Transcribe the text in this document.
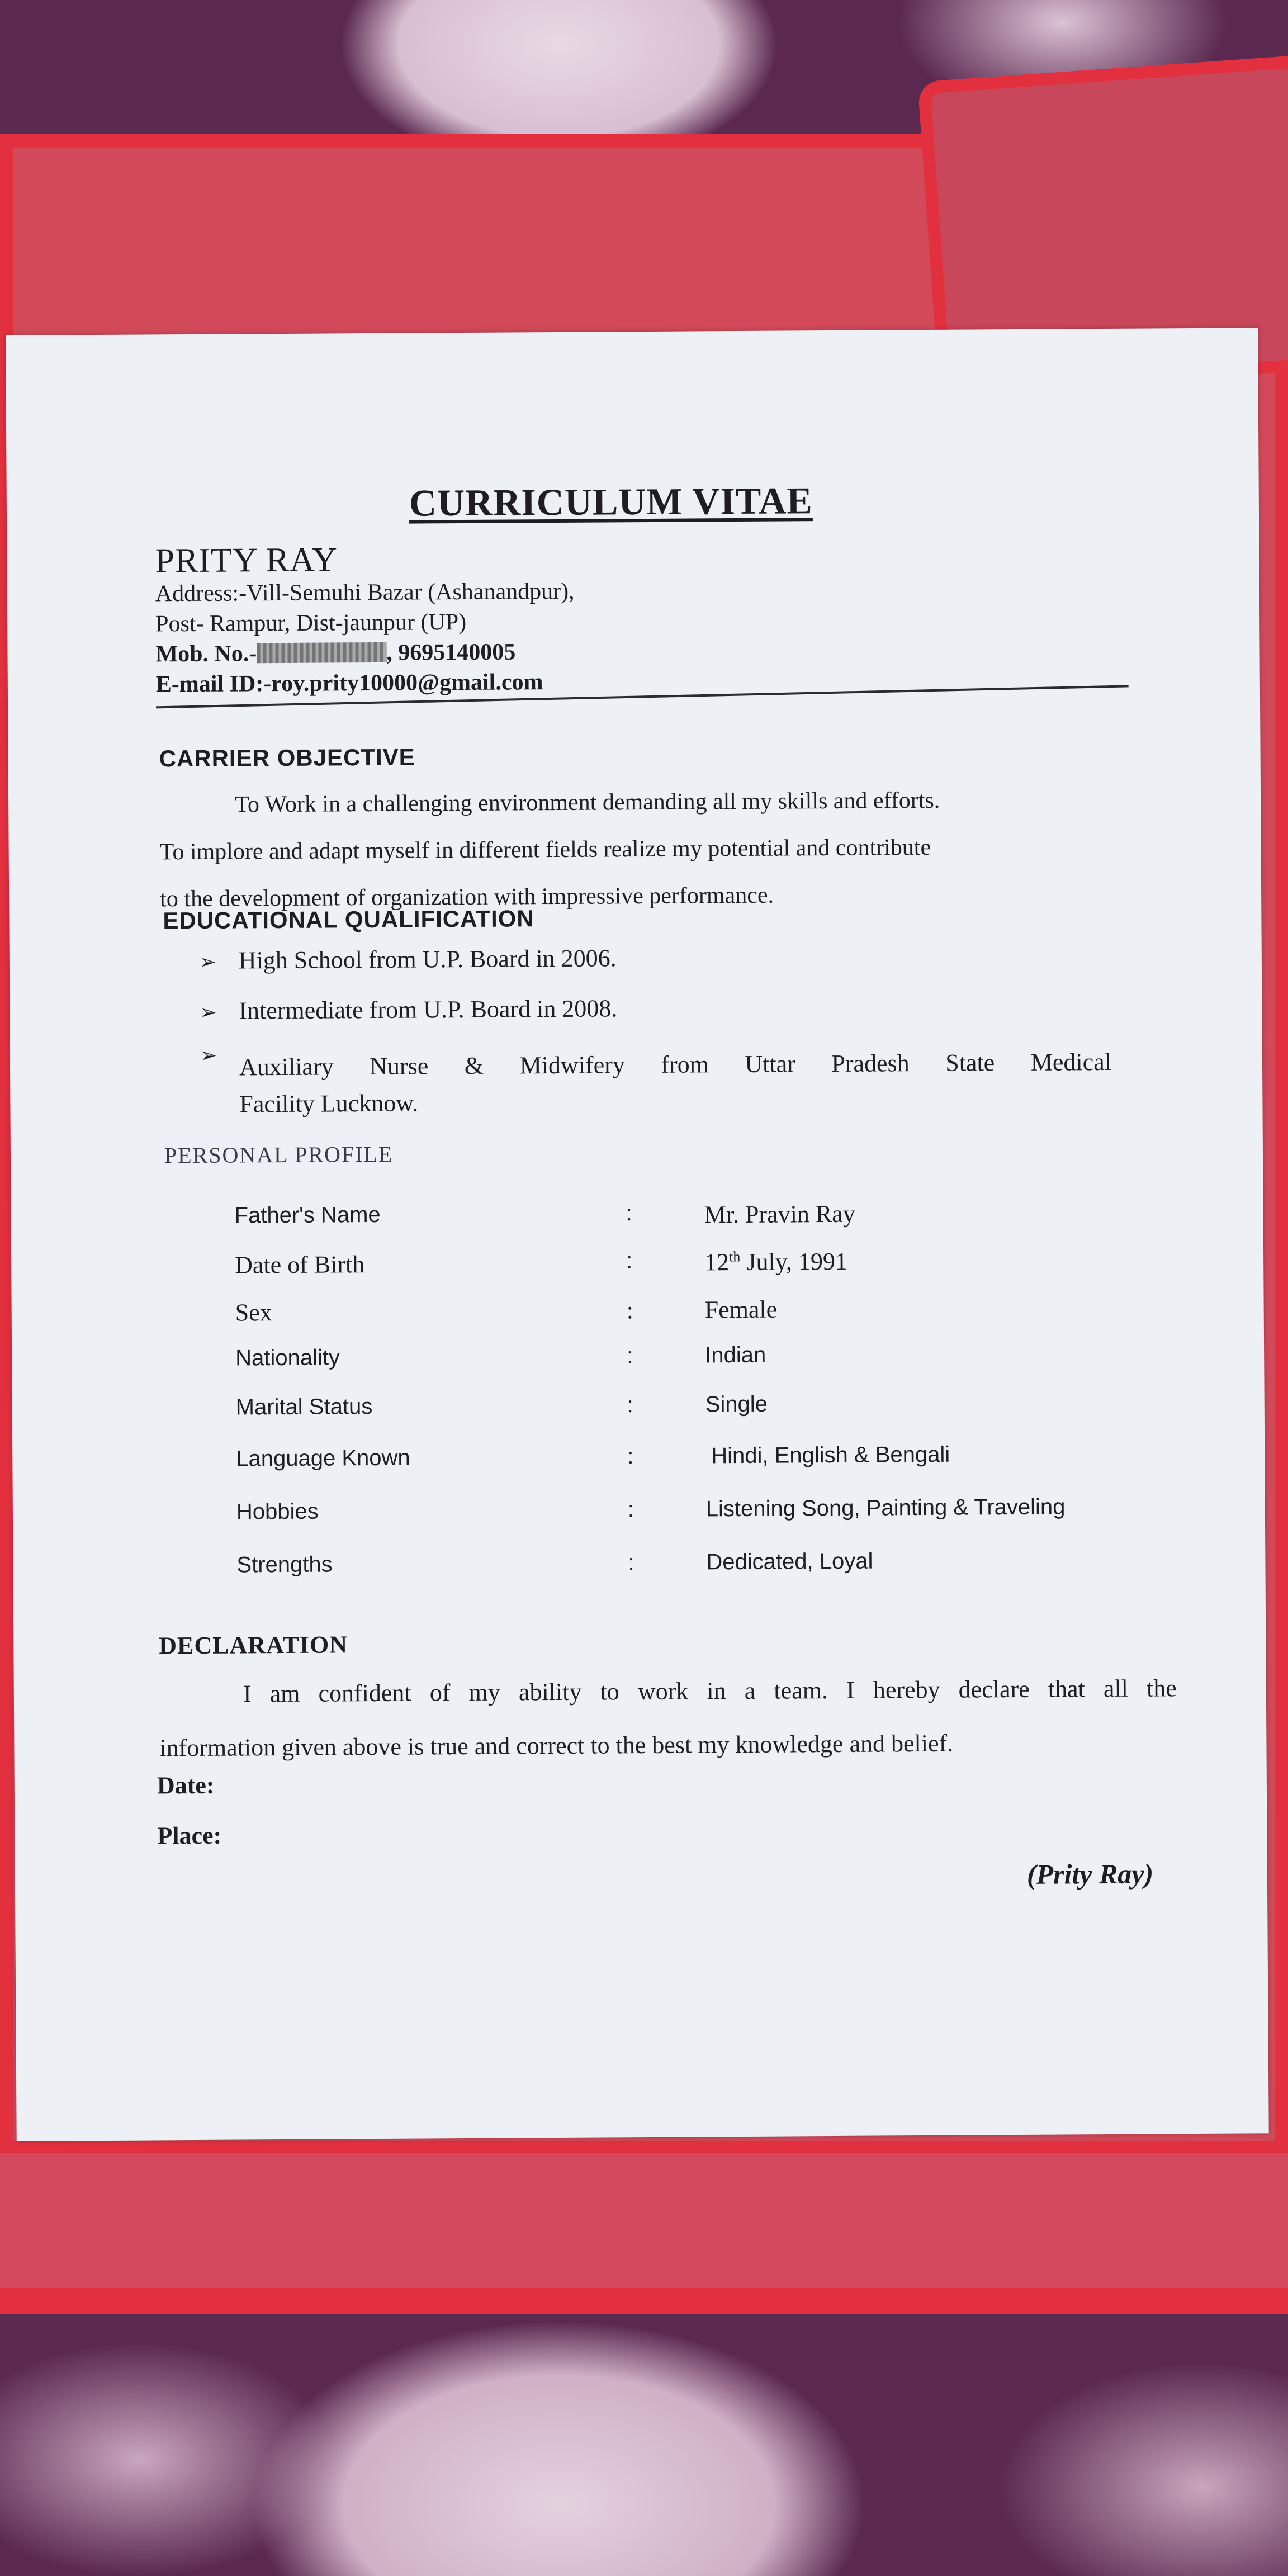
CURRICULUM VITAE
PRITY RAY
Address:-Vill-Semuhi Bazar (Ashanandpur),
Post- Rampur, Dist-jaunpur (UP)
Mob. No.-	, 9695140005
E-mail ID:-roy.prity10000@gmail.com
CARRIER OBJECTIVE
To Work in a challenging environment demanding all my skills and efforts.
To implore and adapt myself in different fields realize my potential and contribute
to the development of organization with impressive performance.
EDUCATIONAL QUALIFICATION
➢ High School from U.P. Board in 2006.
➢ Intermediate from U.P. Board in 2008.
➢ Auxiliary Nurse & Midwifery from Uttar Pradesh State Medical
Facility Lucknow.
PERSONAL PROFILE
Father's Name	:	Mr. Pravin Ray
Date of Birth	:	12th July, 1991
Sex	:	Female
Nationality	:	Indian
Marital Status	:	Single
Language Known	:	Hindi, English & Bengali
Hobbies	:	Listening Song, Painting & Traveling
Strengths	:	Dedicated, Loyal
DECLARATION
I am confident of my ability to work in a team. I hereby declare that all the
information given above is true and correct to the best my knowledge and belief.
Date:
Place:
(Prity Ray)
